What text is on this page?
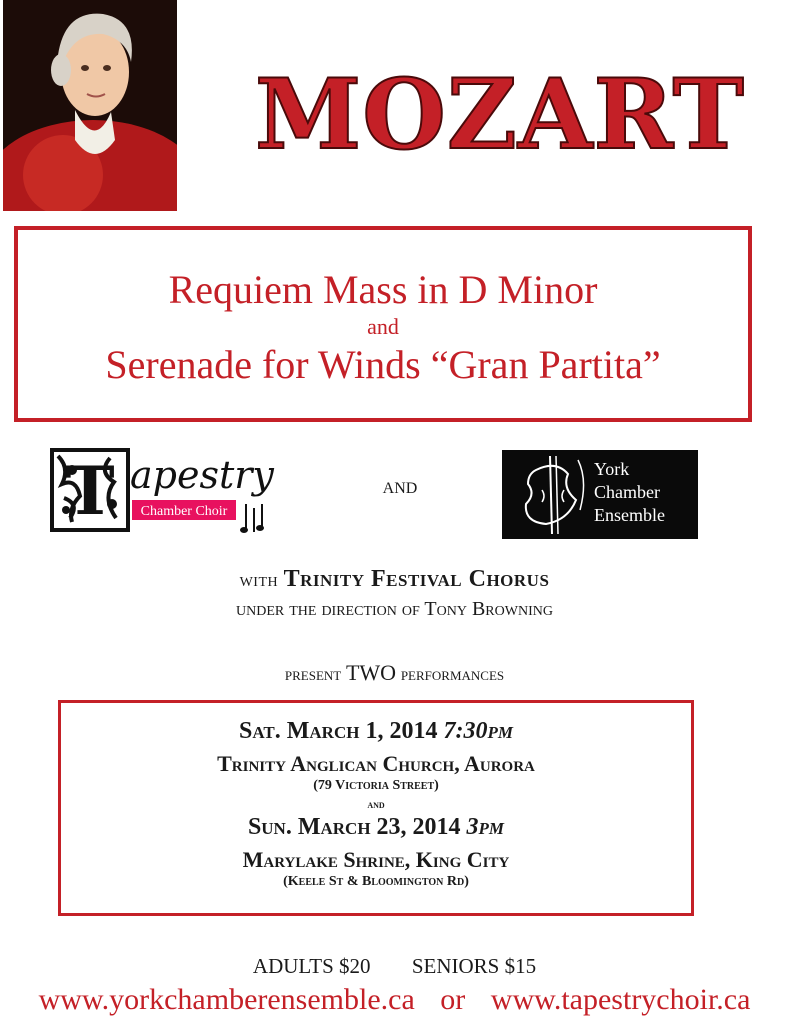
MOZART
Requiem Mass in D Minor
and
Serenade for Winds “Gran Partita”
T apestry
Chamber Choir
AND
York
Chamber
Ensemble
with Trinity Festival Chorus
under the direction of Tony Browning
present TWO performances
Sat. March 1, 2014 7:30pm
Trinity Anglican Church, Aurora
(79 Victoria Street)
and
Sun. March 23, 2014 3pm
Marylake Shrine, King City
(Keele St & Bloomington Rd)
ADULTS $20 SENIORS $15
www.yorkchamberensemble.ca or www.tapestrychoir.ca
